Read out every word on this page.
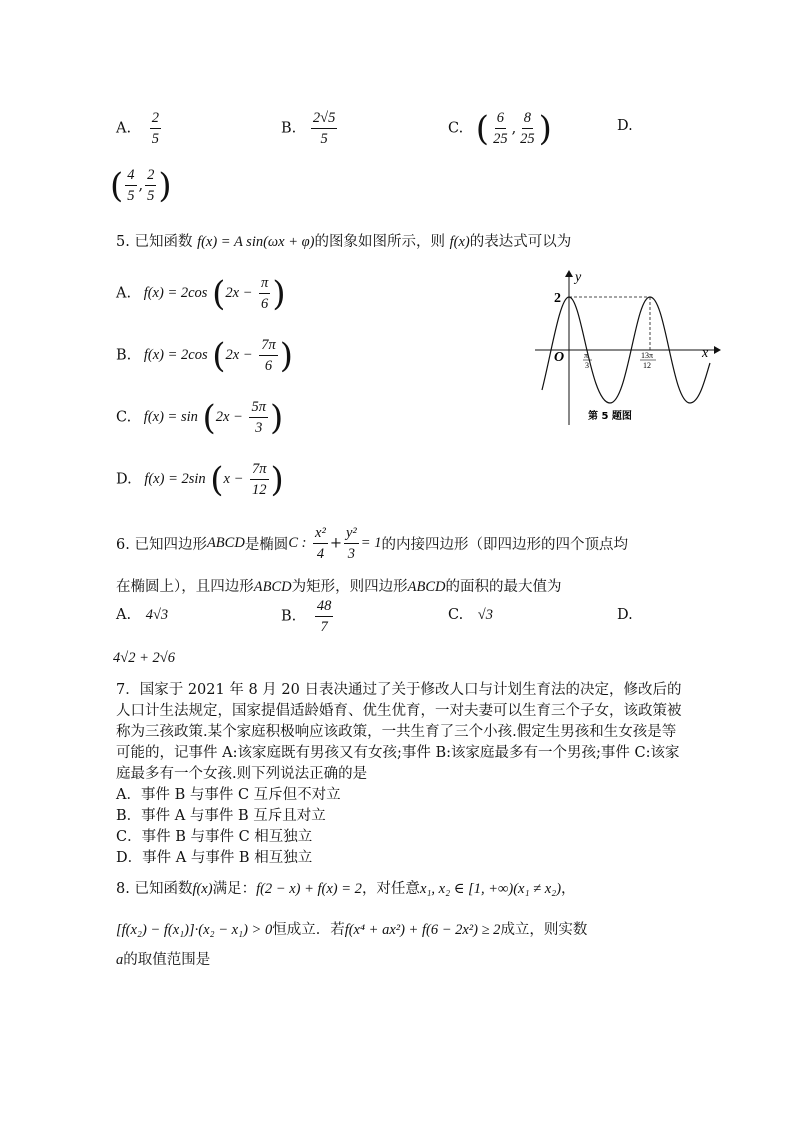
A. $\frac{2}{5}$	B. $\frac{2√5}{5}$	C. ( $\frac{6}{25}$ , $\frac{8}{25}$ )	D.
( $\frac{4}{5}$ , $\frac{2}{5}$ )
5. 已知函数 f(x) = A sin(ωx + φ)的图象如图所示，则 f(x)的表达式可以为
A. f(x) = 2cos ($2x - \frac{\pi}{6}$ )
B. f(x) = 2cos ($2x - \frac{7\pi}{6}$ )
C. $f(x) = \sin (2x - \frac{5\pi}{3}$ )
D. f(x) = 2sin ($x - \frac{7\pi}{12}$ )
y
x
O
2
π
3
13π
12
第 5 题图
6. 已知四边形ABCD是椭圆C : $\frac{\text{x²}}{4} + \frac{\text{y²}}{3} = 1$的内接四边形（即四边形的四个顶点均
在椭圆上），且四边形ABCD为矩形，则四边形ABCD的面积的最大值为
A. 4√3	B. $\frac{48}{7}$	C. √3	D.
4√2 + 2√6
7．国家于 2021 年 8 月 20 日表决通过了关于修改人口与计划生育法的决定，修改后的人口计生法规定，国家提倡适龄婚育、优生优育，一对夫妻可以生育三个子女，该政策被称为三孩政策.某个家庭积极响应该政策，一共生育了三个小孩.假定生男孩和生女孩是等可能的，记事件 A:该家庭既有男孩又有女孩;事件 B:该家庭最多有一个男孩;事件 C:该家庭最多有一个女孩.则下列说法正确的是
A．事件 B 与事件 C 互斥但不对立
B．事件 A 与事件 B 互斥且对立
C．事件 B 与事件 C 相互独立
D．事件 A 与事件 B 相互独立
8. 已知函数f(x)满足：f(2 − x) + f(x) = 2，对任意x₁, x₂ ∈ [1, +∞)(x₁ ≠ x₂)，
[f(x₂) − f(x₁)]·(x₂ − x₁) > 0恒成立．若f(x⁴ + ax²) + f(6 − 2x²) ≥ 2成立，则实数
a的取值范围是
